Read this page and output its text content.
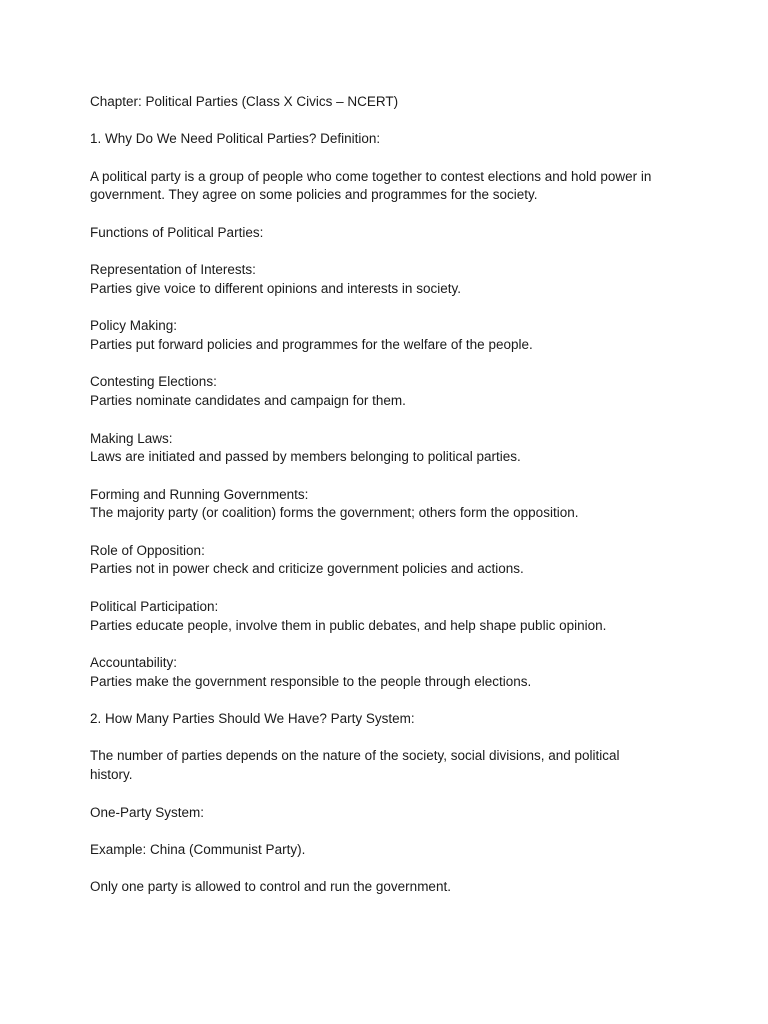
Chapter: Political Parties (Class X Civics – NCERT)

1. Why Do We Need Political Parties? Definition:

A political party is a group of people who come together to contest elections and hold power in

government. They agree on some policies and programmes for the society.

Functions of Political Parties:

Representation of Interests:

Parties give voice to different opinions and interests in society.

Policy Making:

Parties put forward policies and programmes for the welfare of the people.

Contesting Elections:

Parties nominate candidates and campaign for them.

Making Laws:

Laws are initiated and passed by members belonging to political parties.

Forming and Running Governments:

The majority party (or coalition) forms the government; others form the opposition.

Role of Opposition:

Parties not in power check and criticize government policies and actions.

Political Participation:

Parties educate people, involve them in public debates, and help shape public opinion.

Accountability:

Parties make the government responsible to the people through elections.

2. How Many Parties Should We Have? Party System:

The number of parties depends on the nature of the society, social divisions, and political

history.

One-Party System:

Example: China (Communist Party).

Only one party is allowed to control and run the government.
